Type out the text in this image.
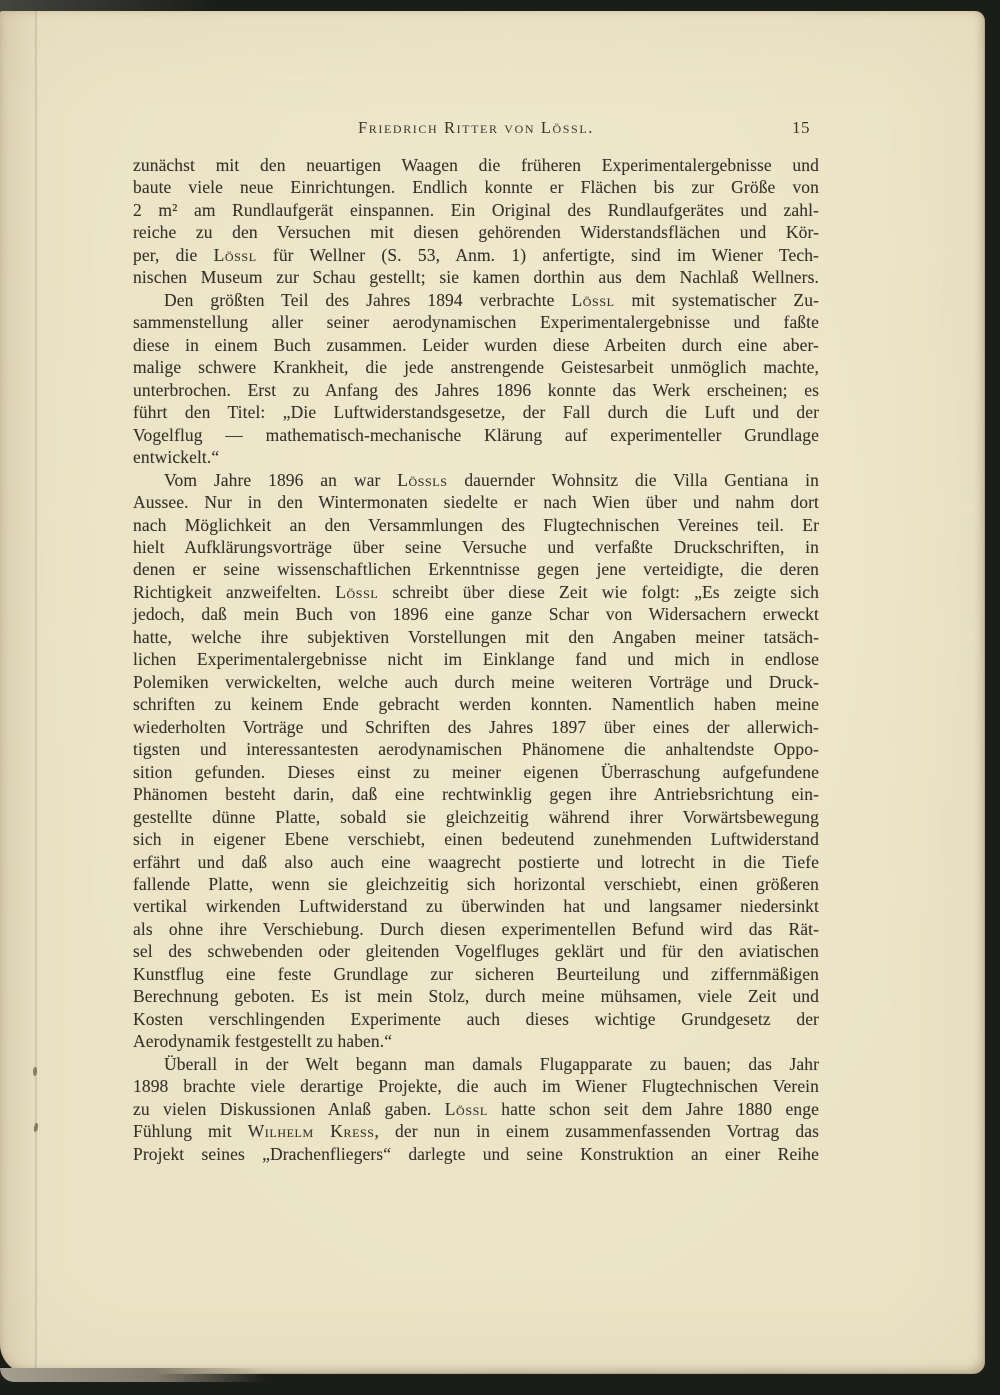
Friedrich Ritter von Lössl.	15
zunächst mit den neuartigen Waagen die früheren Experimentalergebnisse und
baute viele neue Einrichtungen. Endlich konnte er Flächen bis zur Größe von
2 m² am Rundlaufgerät einspannen. Ein Original des Rundlaufgerätes und zahl-
reiche zu den Versuchen mit diesen gehörenden Widerstandsflächen und Kör-
per, die Lössl für Wellner (S. 53, Anm. 1) anfertigte, sind im Wiener Tech-
nischen Museum zur Schau gestellt; sie kamen dorthin aus dem Nachlaß Wellners.
Den größten Teil des Jahres 1894 verbrachte Lössl mit systematischer Zu-
sammenstellung aller seiner aerodynamischen Experimentalergebnisse und faßte
diese in einem Buch zusammen. Leider wurden diese Arbeiten durch eine aber-
malige schwere Krankheit, die jede anstrengende Geistesarbeit unmöglich machte,
unterbrochen. Erst zu Anfang des Jahres 1896 konnte das Werk erscheinen; es
führt den Titel: „Die Luftwiderstandsgesetze, der Fall durch die Luft und der
Vogelflug — mathematisch-mechanische Klärung auf experimenteller Grundlage
entwickelt.“
Vom Jahre 1896 an war Lössls dauernder Wohnsitz die Villa Gentiana in
Aussee. Nur in den Wintermonaten siedelte er nach Wien über und nahm dort
nach Möglichkeit an den Versammlungen des Flugtechnischen Vereines teil. Er
hielt Aufklärungsvorträge über seine Versuche und verfaßte Druckschriften, in
denen er seine wissenschaftlichen Erkenntnisse gegen jene verteidigte, die deren
Richtigkeit anzweifelten. Lössl schreibt über diese Zeit wie folgt: „Es zeigte sich
jedoch, daß mein Buch von 1896 eine ganze Schar von Widersachern erweckt
hatte, welche ihre subjektiven Vorstellungen mit den Angaben meiner tatsäch-
lichen Experimentalergebnisse nicht im Einklange fand und mich in endlose
Polemiken verwickelten, welche auch durch meine weiteren Vorträge und Druck-
schriften zu keinem Ende gebracht werden konnten. Namentlich haben meine
wiederholten Vorträge und Schriften des Jahres 1897 über eines der allerwich-
tigsten und interessantesten aerodynamischen Phänomene die anhaltendste Oppo-
sition gefunden. Dieses einst zu meiner eigenen Überraschung aufgefundene
Phänomen besteht darin, daß eine rechtwinklig gegen ihre Antriebsrichtung ein-
gestellte dünne Platte, sobald sie gleichzeitig während ihrer Vorwärtsbewegung
sich in eigener Ebene verschiebt, einen bedeutend zunehmenden Luftwiderstand
erfährt und daß also auch eine waagrecht postierte und lotrecht in die Tiefe
fallende Platte, wenn sie gleichzeitig sich horizontal verschiebt, einen größeren
vertikal wirkenden Luftwiderstand zu überwinden hat und langsamer niedersinkt
als ohne ihre Verschiebung. Durch diesen experimentellen Befund wird das Rät-
sel des schwebenden oder gleitenden Vogelfluges geklärt und für den aviatischen
Kunstflug eine feste Grundlage zur sicheren Beurteilung und ziffernmäßigen
Berechnung geboten. Es ist mein Stolz, durch meine mühsamen, viele Zeit und
Kosten verschlingenden Experimente auch dieses wichtige Grundgesetz der
Aerodynamik festgestellt zu haben.“
Überall in der Welt begann man damals Flugapparate zu bauen; das Jahr
1898 brachte viele derartige Projekte, die auch im Wiener Flugtechnischen Verein
zu vielen Diskussionen Anlaß gaben. Lössl hatte schon seit dem Jahre 1880 enge
Fühlung mit Wilhelm Kress, der nun in einem zusammenfassenden Vortrag das
Projekt seines „Drachenfliegers“ darlegte und seine Konstruktion an einer Reihe
